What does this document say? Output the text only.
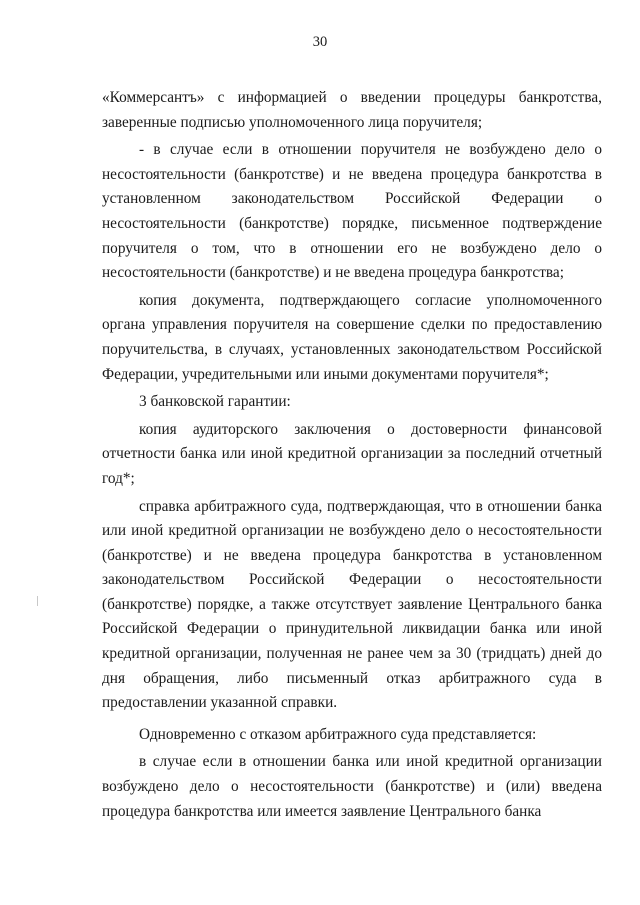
30

«Коммерсантъ» с информацией о введении процедуры банкротства, заверенные подписью уполномоченного лица поручителя;

- в случае если в отношении поручителя не возбуждено дело о несостоятельности (банкротстве) и не введена процедура банкротства в установленном законодательством Российской Федерации о несостоятельности (банкротстве) порядке, письменное подтверждение поручителя о том, что в отношении его не возбуждено дело о несостоятельности (банкротстве) и не введена процедура банкротства;

копия документа, подтверждающего согласие уполномоченного органа управления поручителя на совершение сделки по предоставлению поручительства, в случаях, установленных законодательством Российской Федерации, учредительными или иными документами поручителя*;

3 банковской гарантии:

копия аудиторского заключения о достоверности финансовой отчетности банка или иной кредитной организации за последний отчетный год*;

справка арбитражного суда, подтверждающая, что в отношении банка или иной кредитной организации не возбуждено дело о несостоятельности (банкротстве) и не введена процедура банкротства в установленном законодательством Российской Федерации о несостоятельности (банкротстве) порядке, а также отсутствует заявление Центрального банка Российской Федерации о принудительной ликвидации банка или иной кредитной организации, полученная не ранее чем за 30 (тридцать) дней до дня обращения, либо письменный отказ арбитражного суда в предоставлении указанной справки.

Одновременно с отказом арбитражного суда представляется:

в случае если в отношении банка или иной кредитной организации возбуждено дело о несостоятельности (банкротстве) и (или) введена процедура банкротства или имеется заявление Центрального банка
